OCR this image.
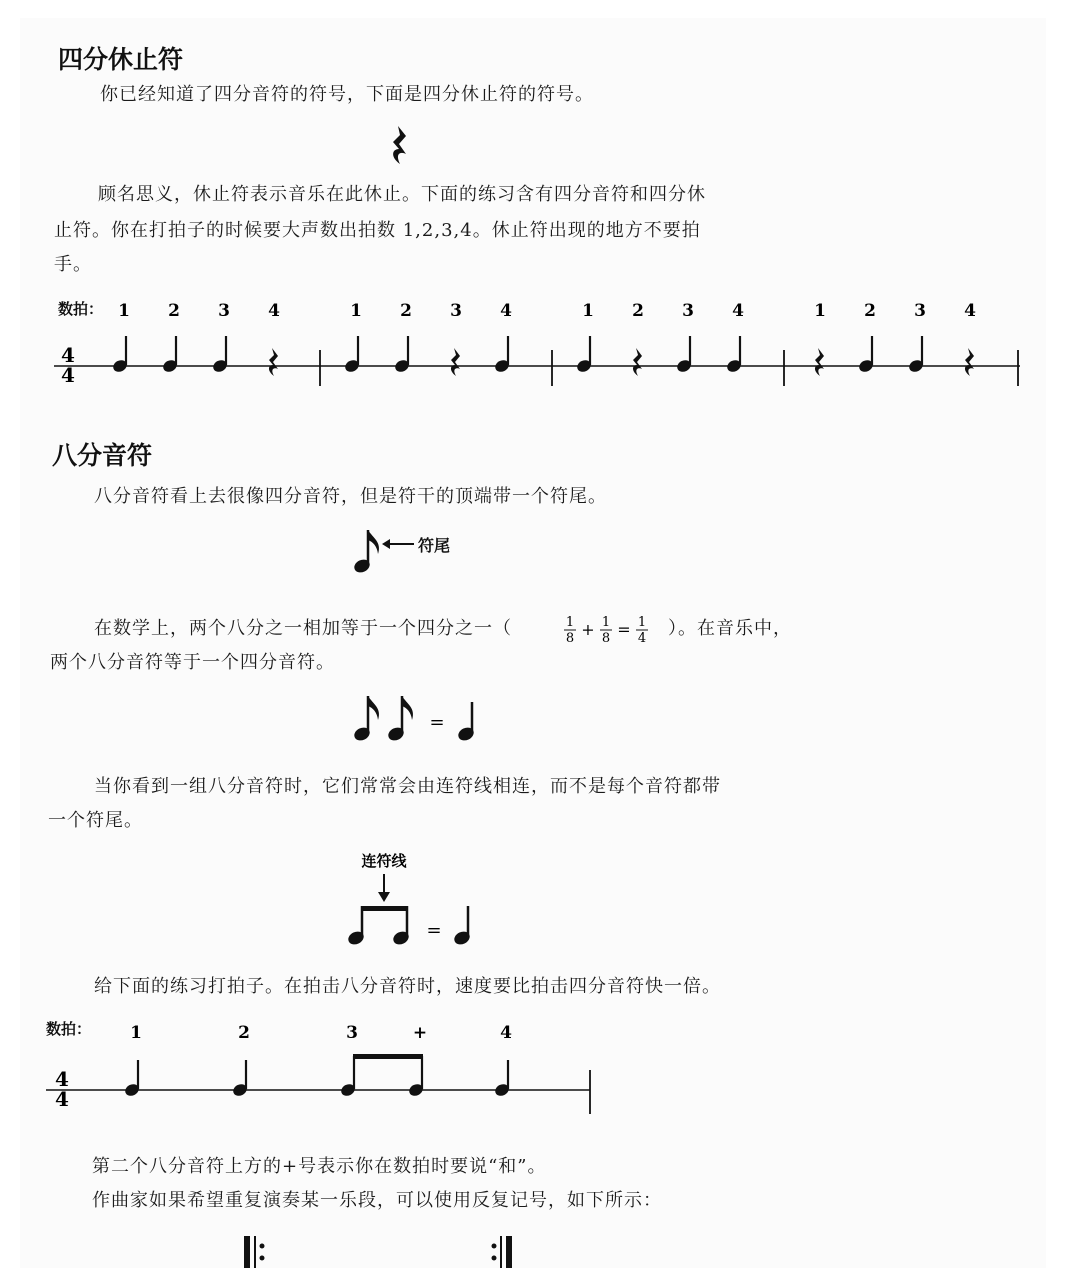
四分休止符
你已经知道了四分音符的符号，下面是四分休止符的符号。
顾名思义，休止符表示音乐在此休止。下面的练习含有四分音符和四分休
止符。你在打拍子的时候要大声数出拍数 1,2,3,4。休止符出现的地方不要拍
手。
数拍：
4
4
1 2 3 4	1 2 3 4	1 2 3 4	1 2 3 4
八分音符
八分音符看上去很像四分音符，但是符干的顶端带一个符尾。
符尾
在数学上，两个八分之一相加等于一个四分之一（	1
8 + 1
8 = 1
4 ）。在音乐中，
两个八分音符等于一个四分音符。
=
当你看到一组八分音符时，它们常常会由连符线相连，而不是每个音符都带
一个符尾。
连符线
=
给下面的练习打拍子。在拍击八分音符时，速度要比拍击四分音符快一倍。
数拍：
4
4
1	2	3	+	4
第二个八分音符上方的+号表示你在数拍时要说“和”。
作曲家如果希望重复演奏某一乐段，可以使用反复记号，如下所示：
